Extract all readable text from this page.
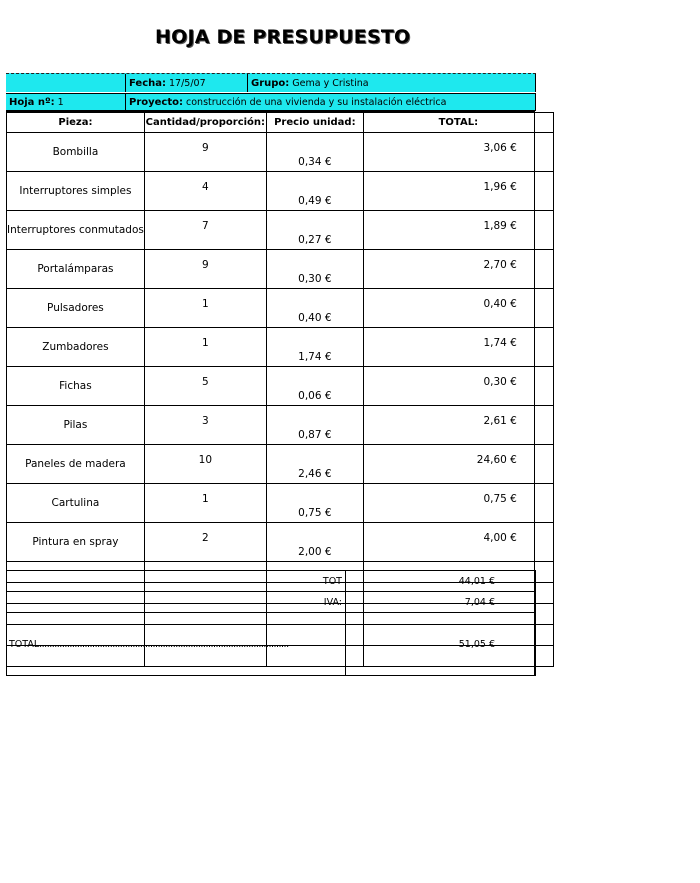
HOJA DE PRESUPUESTO
Fecha: 17/5/07	Grupo: Gema y Cristina
Hoja nº: 1	Proyecto: construcción de una vivienda y su instalación eléctrica
Pieza:	Cantidad/proporción:	Precio unidad:	TOTAL:
Bombilla	9	0,34 €	3,06 €
Interruptores simples	4	0,49 €	1,96 €
Interruptores conmutados	7	0,27 €	1,89 €
Portalámparas	9	0,30 €	2,70 €
Pulsadores	1	0,40 €	0,40 €
Zumbadores	1	1,74 €	1,74 €
Fichas	5	0,06 €	0,30 €
Pilas	3	0,87 €	2,61 €
Paneles de madera	10	2,46 €	24,60 €
Cartulina	1	0,75 €	0,75 €
Pintura en spray	2	2,00 €	4,00 €

TOT	44,01 €
IVA:	7,04 €
TOTAL...................................................................................................	51,05 €
